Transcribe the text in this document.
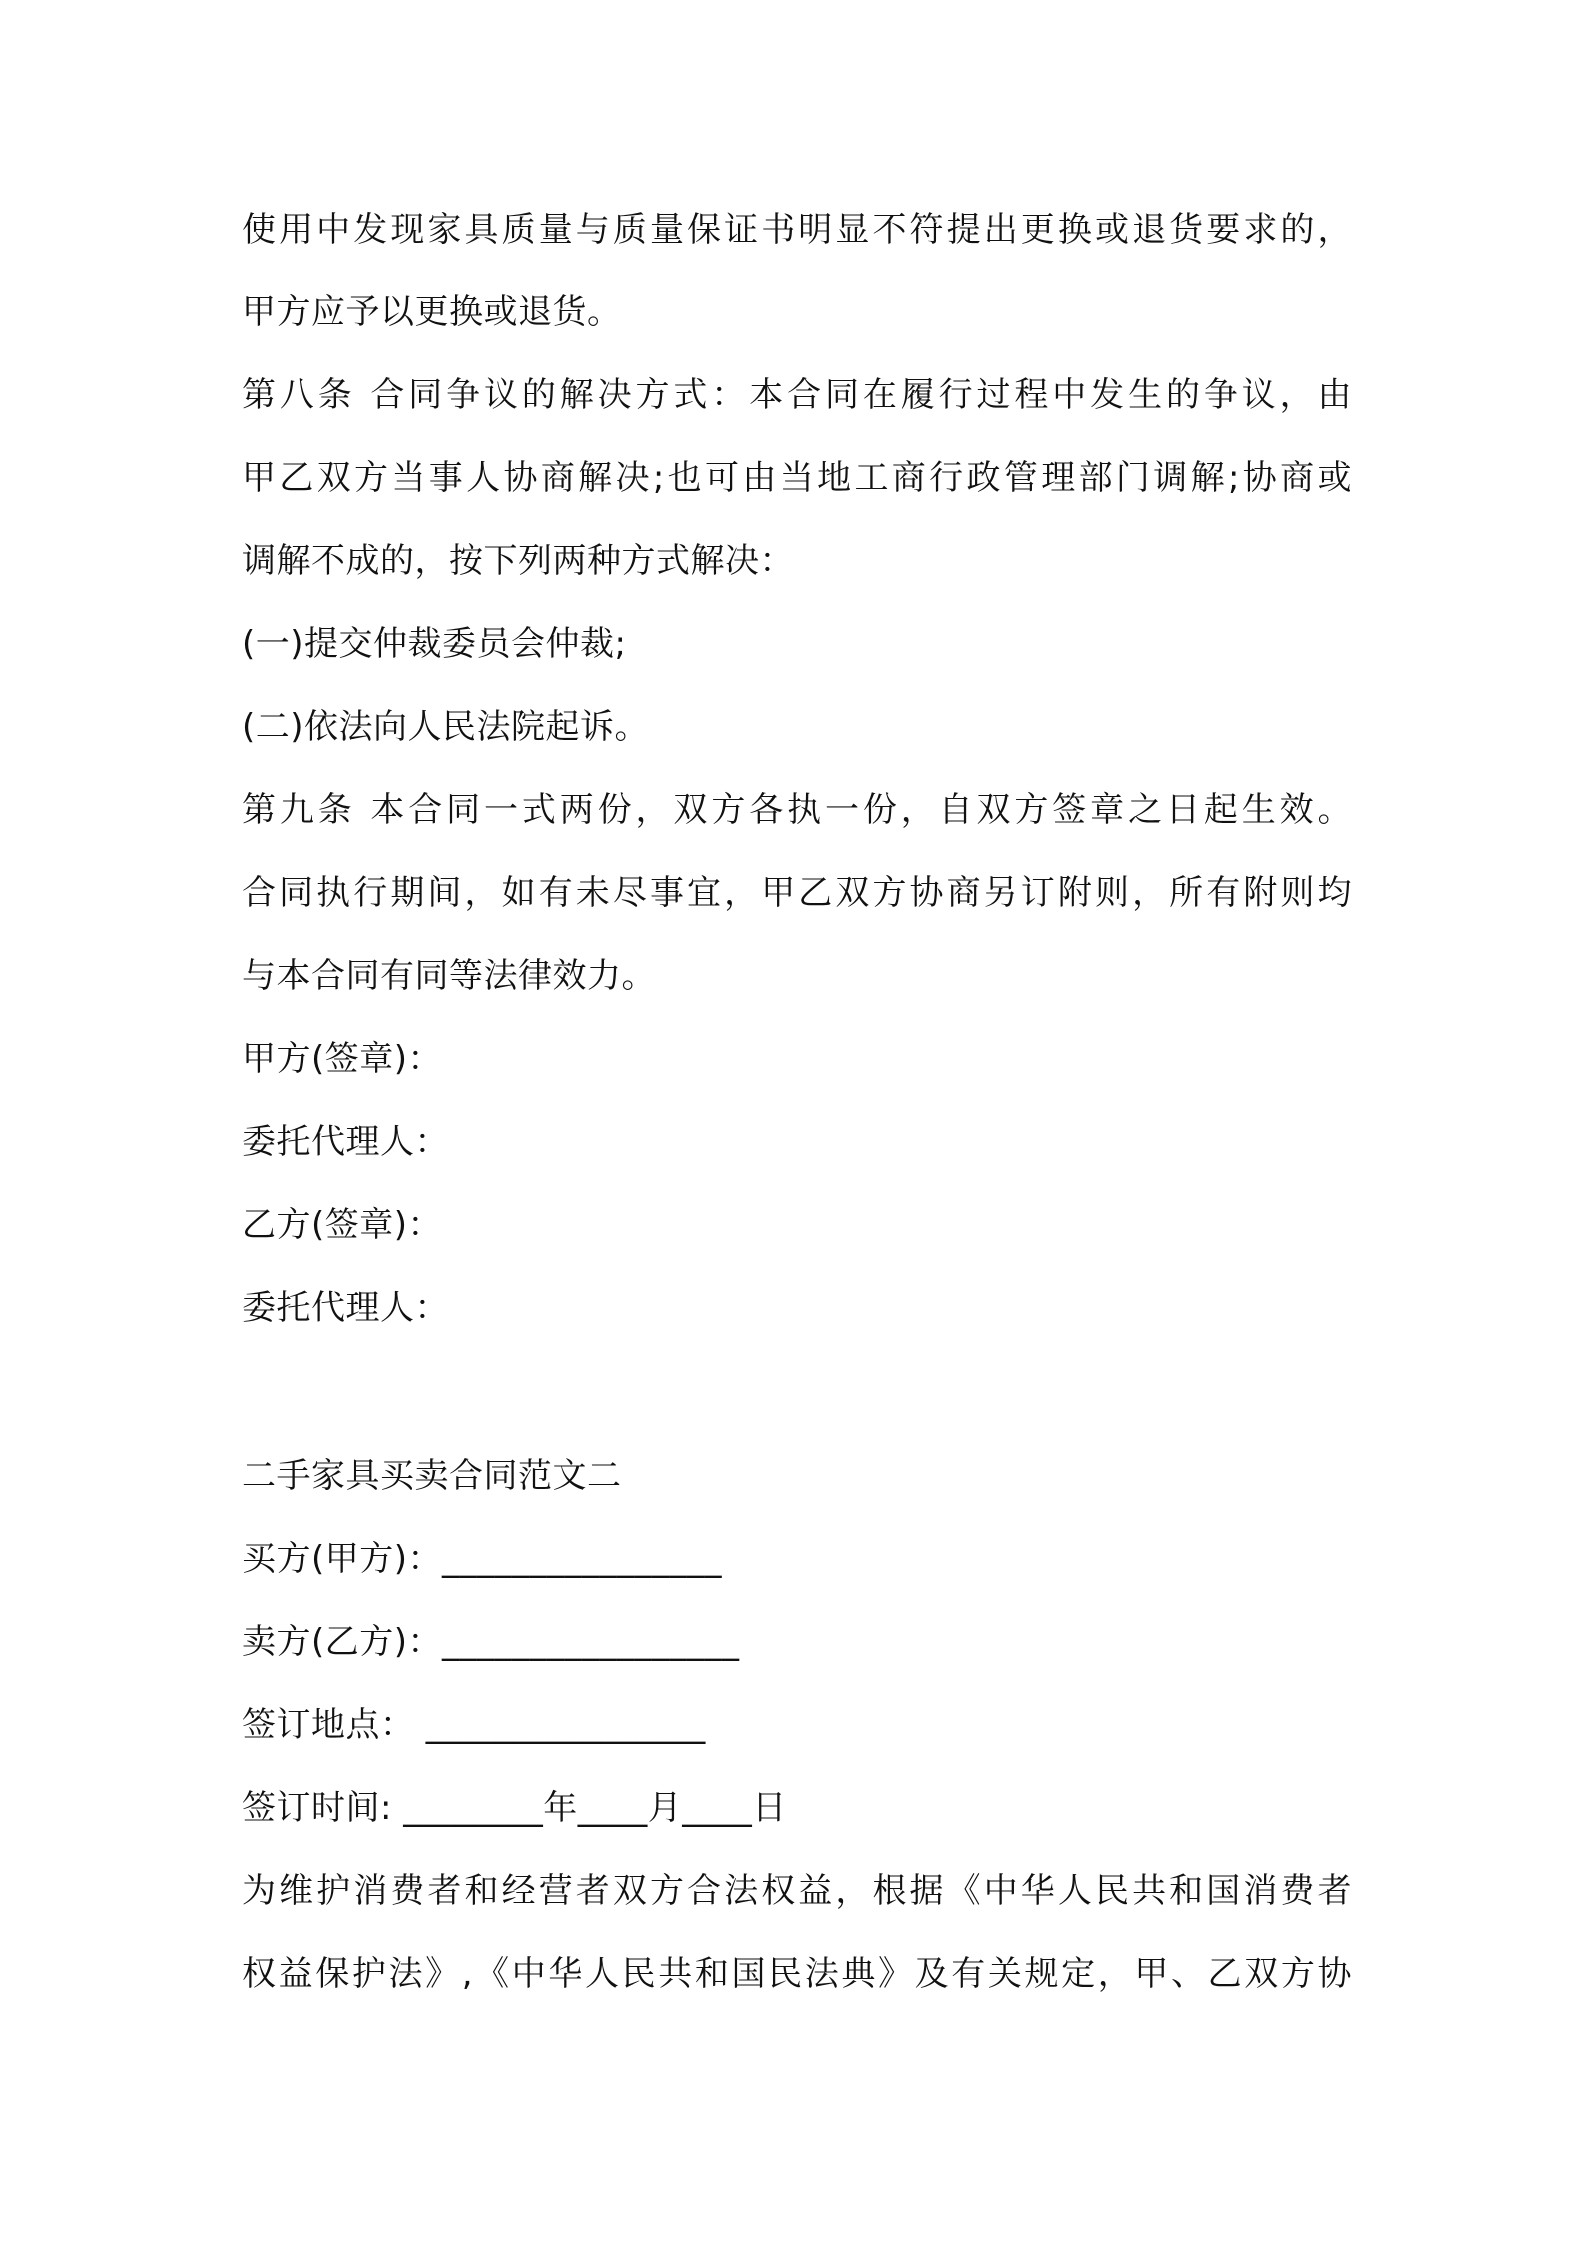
使用中发现家具质量与质量保证书明显不符提出更换或退货要求的，
甲方应予以更换或退货。
第八条 合同争议的解决方式：本合同在履行过程中发生的争议，由
甲乙双方当事人协商解决;也可由当地工商行政管理部门调解;协商或
调解不成的，按下列两种方式解决：
(一)提交仲裁委员会仲裁;
(二)依法向人民法院起诉。
第九条 本合同一式两份，双方各执一份，自双方签章之日起生效。
合同执行期间，如有未尽事宜，甲乙双方协商另订附则，所有附则均
与本合同有同等法律效力。
甲方(签章)：
委托代理人：
乙方(签章)：
委托代理人：
二手家具买卖合同范文二
买方(甲方)：________________
卖方(乙方)：_________________
签订地点： ________________
签订时间: ________年____月____日
为维护消费者和经营者双方合法权益，根据《中华人民共和国消费者
权益保护法》,《中华人民共和国民法典》及有关规定，甲、乙双方协
